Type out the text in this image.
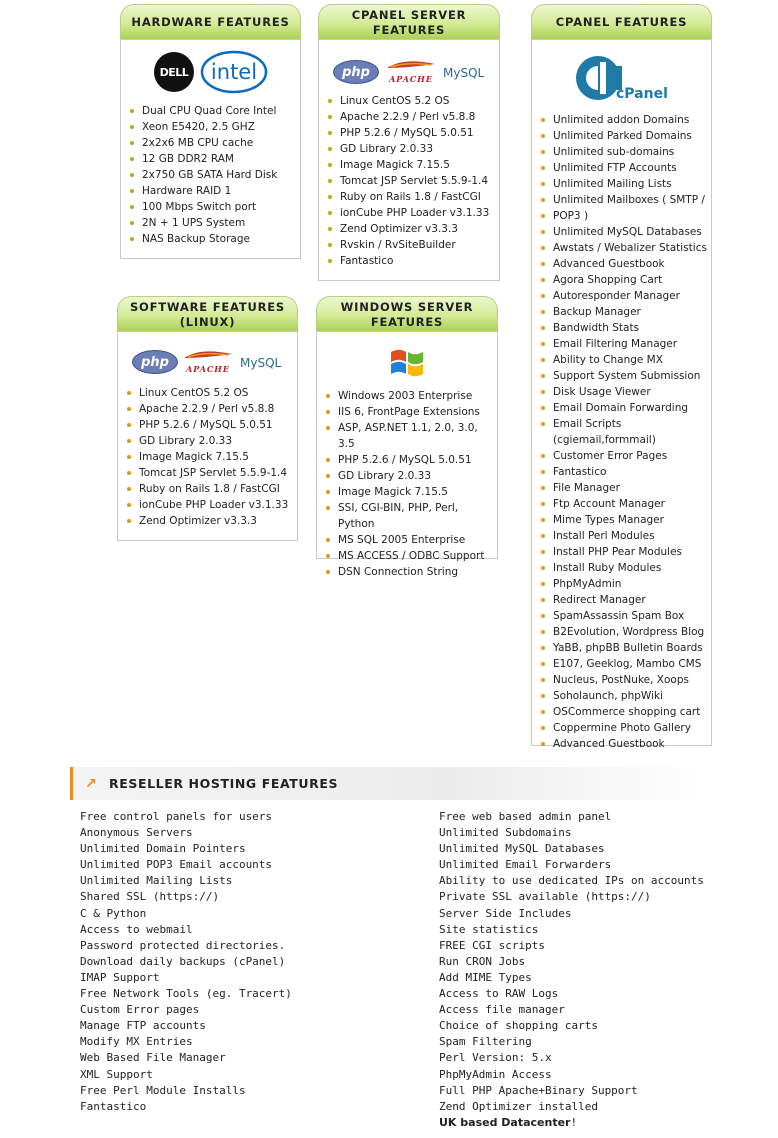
HARDWARE FEATURES
DELL intel
Dual CPU Quad Core Intel
Xeon E5420, 2.5 GHZ
2x2x6 MB CPU cache
12 GB DDR2 RAM
2x750 GB SATA Hard Disk
Hardware RAID 1
100 Mbps Switch port
2N + 1 UPS System
NAS Backup Storage
CPANEL SERVER FEATURES
php	APACHE MySQL
Linux CentOS 5.2 OS
Apache 2.2.9 / Perl v5.8.8
PHP 5.2.6 / MySQL 5.0.51
GD Library 2.0.33
Image Magick 7.15.5
Tomcat JSP Servlet 5.5.9-1.4
Ruby on Rails 1.8 / FastCGI
ionCube PHP Loader v3.1.33
Zend Optimizer v3.3.3
Rvskin / RvSiteBuilder
Fantastico
CPANEL FEATURES
cPanel
Unlimited addon Domains
Unlimited Parked Domains
Unlimited sub-domains
Unlimited FTP Accounts
Unlimited Mailing Lists
Unlimited Mailboxes ( SMTP /
POP3 )
Unlimited MySQL Databases
Awstats / Webalizer Statistics
Advanced Guestbook
Agora Shopping Cart
Autoresponder Manager
Backup Manager
Bandwidth Stats
Email Filtering Manager
Ability to Change MX
Support System Submission
Disk Usage Viewer
Email Domain Forwarding
Email Scripts (cgiemail,formmail)
Customer Error Pages
Fantastico
File Manager
Ftp Account Manager
Mime Types Manager
Install Perl Modules
Install PHP Pear Modules
Install Ruby Modules
PhpMyAdmin
Redirect Manager
SpamAssassin Spam Box
B2Evolution, Wordpress Blog
YaBB, phpBB Bulletin Boards
E107, Geeklog, Mambo CMS
Nucleus, PostNuke, Xoops
Soholaunch, phpWiki
OSCommerce shopping cart
Coppermine Photo Gallery
Advanced Guestbook
SOFTWARE FEATURES
(LINUX)
php	APACHE MySQL
Linux CentOS 5.2 OS
Apache 2.2.9 / Perl v5.8.8
PHP 5.2.6 / MySQL 5.0.51
GD Library 2.0.33
Image Magick 7.15.5
Tomcat JSP Servlet 5.5.9-1.4
Ruby on Rails 1.8 / FastCGI
ionCube PHP Loader v3.1.33
Zend Optimizer v3.3.3
WINDOWS SERVER
FEATURES
Windows 2003 Enterprise
IIS 6, FrontPage Extensions
ASP, ASP.NET 1.1, 2.0, 3.0, 3.5
PHP 5.2.6 / MySQL 5.0.51
GD Library 2.0.33
Image Magick 7.15.5
SSI, CGI-BIN, PHP, Perl, Python
MS SQL 2005 Enterprise
MS ACCESS / ODBC Support
DSN Connection String
↗ RESELLER HOSTING FEATURES
Free control panels for users
Anonymous Servers
Unlimited Domain Pointers
Unlimited POP3 Email accounts
Unlimited Mailing Lists
Shared SSL (https://)
C & Python
Access to webmail
Password protected directories.
Download daily backups (cPanel)
IMAP Support
Free Network Tools (eg. Tracert)
Custom Error pages
Manage FTP accounts
Modify MX Entries
Web Based File Manager
XML Support
Free Perl Module Installs
Fantastico
Free web based admin panel
Unlimited Subdomains
Unlimited MySQL Databases
Unlimited Email Forwarders
Ability to use dedicated IPs on accounts
Private SSL available (https://)
Server Side Includes
Site statistics
FREE CGI scripts
Run CRON Jobs
Add MIME Types
Access to RAW Logs
Access file manager
Choice of shopping carts
Spam Filtering
Perl Version: 5.x
PhpMyAdmin Access
Full PHP Apache+Binary Support
Zend Optimizer installed
UK based Datacenter!
